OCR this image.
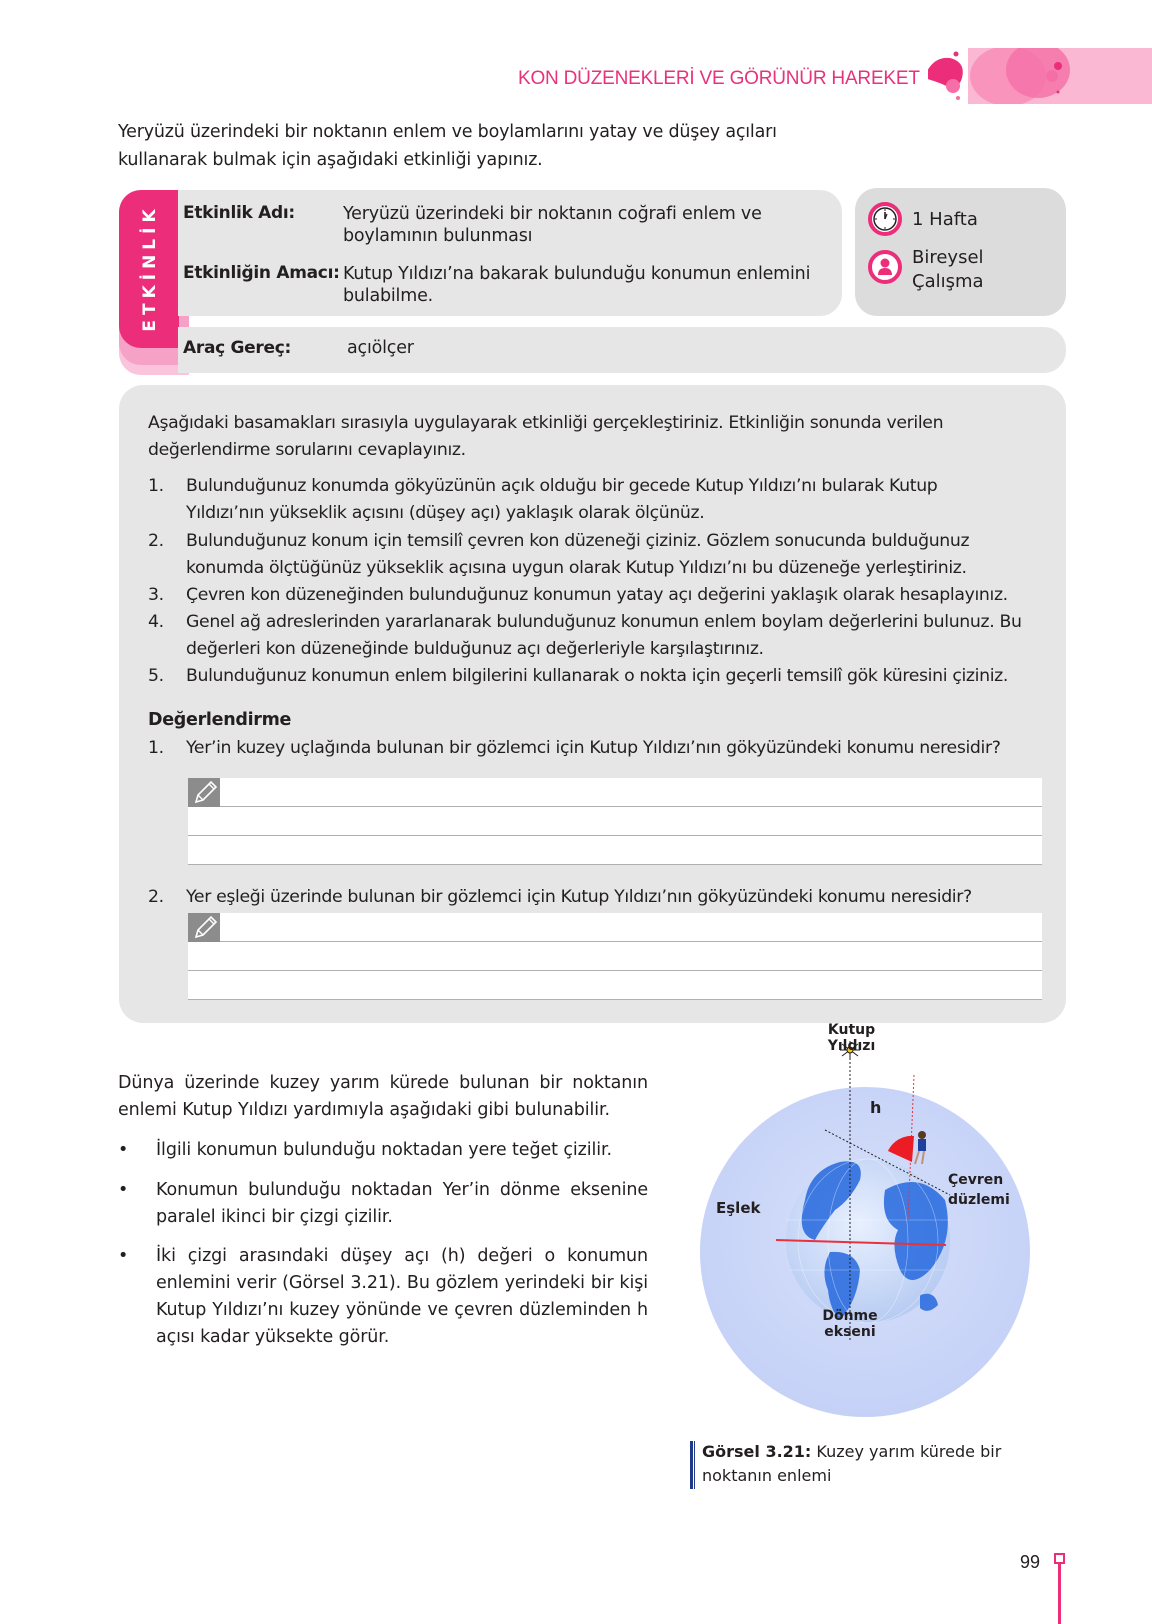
KON DÜZENEKLERİ VE GÖRÜNÜR HAREKET
Yeryüzü üzerindeki bir noktanın enlem ve boylamlarını yatay ve düşey açıları kullanarak bulmak için aşağıdaki etkinliği yapınız.
ETKİNLİK Etkinlik Adı:	Yeryüzü üzerindeki bir noktanın coğrafi enlem ve boylamının bulunması
Etkinliğin Amacı: Kutup Yıldızı’na bakarak bulunduğu konumun enlemini bulabilme.
Araç Gereç:	açıölçer
1 Hafta
Bireysel
Çalışma
Aşağıdaki basamakları sırasıyla uygulayarak etkinliği gerçekleştiriniz. Etkinliğin sonunda verilen değerlendirme sorularını cevaplayınız.
1. Bulunduğunuz konumda gökyüzünün açık olduğu bir gecede Kutup Yıldızı’nı bularak Kutup Yıldızı’nın yükseklik açısını (düşey açı) yaklaşık olarak ölçünüz.
2. Bulunduğunuz konum için temsilî çevren kon düzeneği çiziniz. Gözlem sonucunda bulduğunuz konumda ölçtüğünüz yükseklik açısına uygun olarak Kutup Yıldızı’nı bu düzeneğe yerleştiriniz.
3. Çevren kon düzeneğinden bulunduğunuz konumun yatay açı değerini yaklaşık olarak hesaplayınız.
4. Genel ağ adreslerinden yararlanarak bulunduğunuz konumun enlem boylam değerlerini bulunuz. Bu değerleri kon düzeneğinde bulduğunuz açı değerleriyle karşılaştırınız.
5. Bulunduğunuz konumun enlem bilgilerini kullanarak o nokta için geçerli temsilî gök küresini çiziniz.
Değerlendirme
1. Yer’in kuzey uçlağında bulunan bir gözlemci için Kutup Yıldızı’nın gökyüzündeki konumu neresidir?
2. Yer eşleği üzerinde bulunan bir gözlemci için Kutup Yıldızı’nın gökyüzündeki konumu neresidir?
Dünya üzerinde kuzey yarım kürede bulunan bir noktanın enlemi Kutup Yıldızı yardımıyla aşağıdaki gibi bulunabilir.
• İlgili konumun bulunduğu noktadan yere teğet çizilir.
• Konumun bulunduğu noktadan Yer’in dönme eksenine paralel ikinci bir çizgi çizilir.
• İki çizgi arasındaki düşey açı (h) değeri o konumun enlemini verir (Görsel 3.21). Bu gözlem yerindeki bir kişi Kutup Yıldızı’nı kuzey yönünde ve çevren düzleminden h açısı kadar yüksekte görür.
Kutup Yıldızı
h
Eşlek
Çevren
düzlemi
Dönme
ekseni
Görsel 3.21: Kuzey yarım kürede bir noktanın enlemi
99
